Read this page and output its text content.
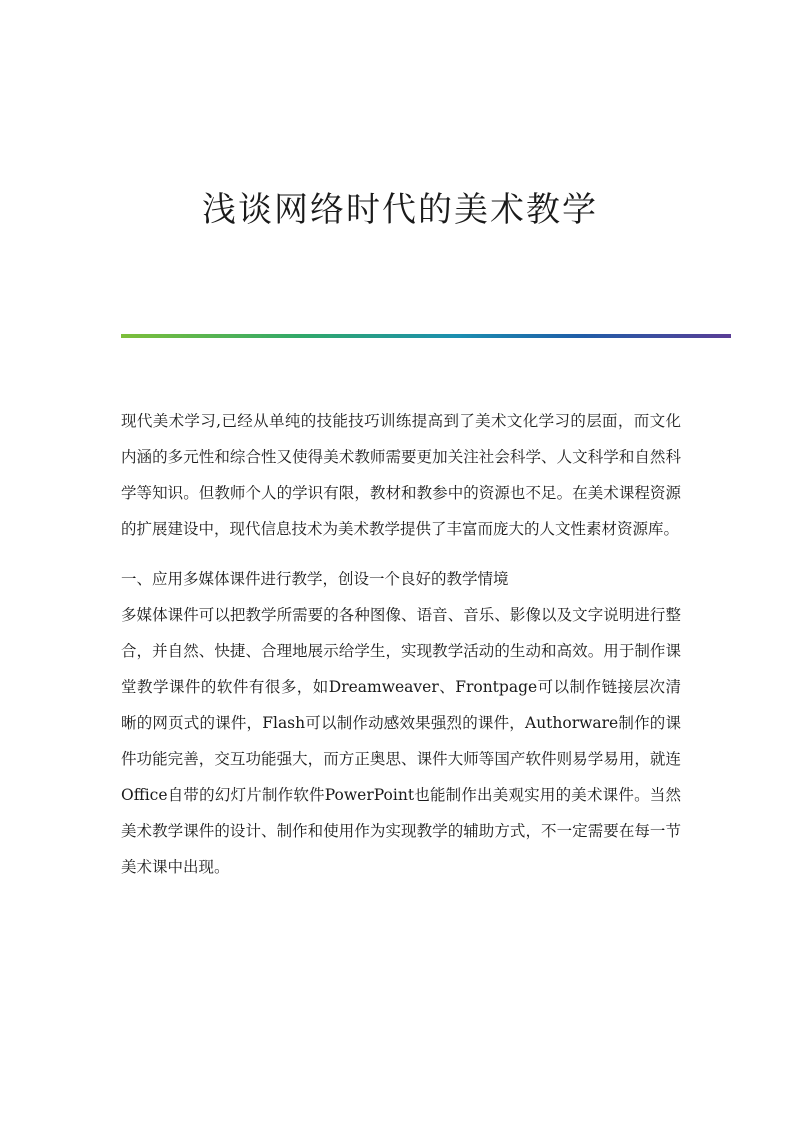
浅谈网络时代的美术教学

现代美术学习,已经从单纯的技能技巧训练提高到了美术文化学习的层面，而文化内涵的多元性和综合性又使得美术教师需要更加关注社会科学、人文科学和自然科学等知识。但教师个人的学识有限，教材和教参中的资源也不足。在美术课程资源的扩展建设中，现代信息技术为美术教学提供了丰富而庞大的人文性素材资源库。

一、应用多媒体课件进行教学，创设一个良好的教学情境

多媒体课件可以把教学所需要的各种图像、语音、音乐、影像以及文字说明进行整合，并自然、快捷、合理地展示给学生，实现教学活动的生动和高效。用于制作课堂教学课件的软件有很多，如Dreamweaver、Frontpage可以制作链接层次清晰的网页式的课件，Flash可以制作动感效果强烈的课件，Authorware制作的课件功能完善，交互功能强大，而方正奥思、课件大师等国产软件则易学易用，就连Office自带的幻灯片制作软件PowerPoint也能制作出美观实用的美术课件。当然美术教学课件的设计、制作和使用作为实现教学的辅助方式，不一定需要在每一节美术课中出现。
